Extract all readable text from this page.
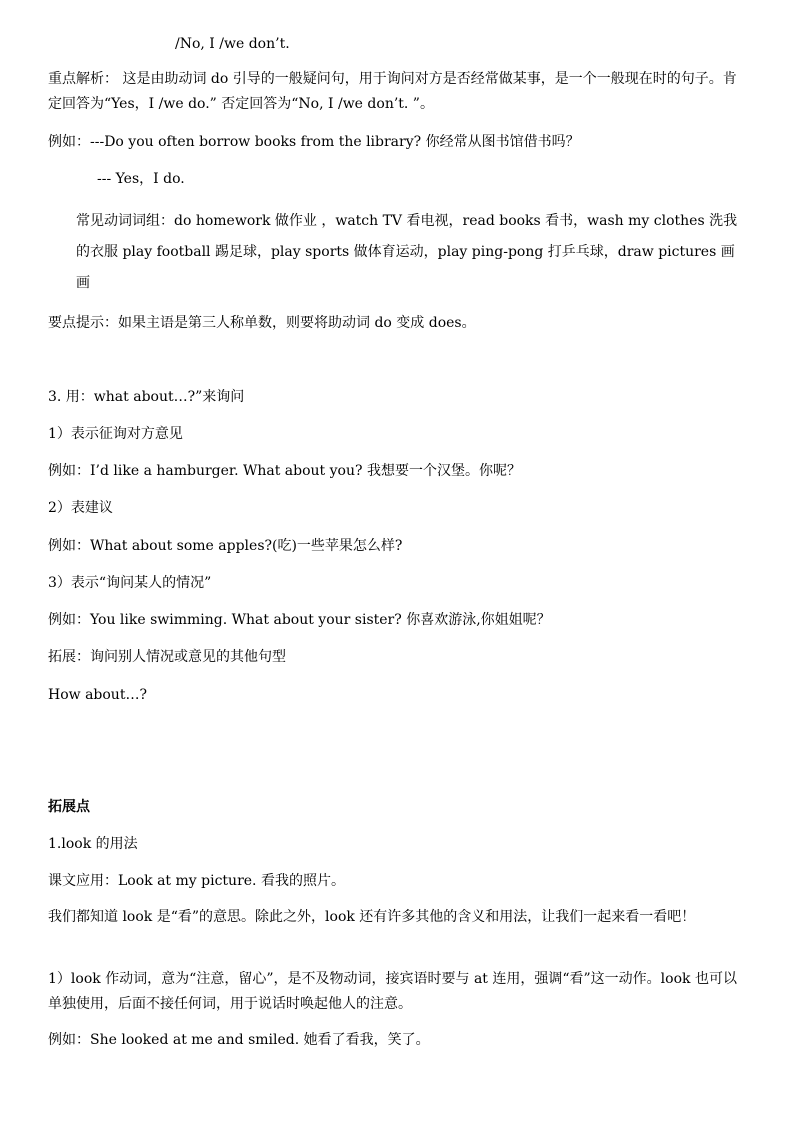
/No, I /we don’t.
重点解析： 这是由助动词 do 引导的一般疑问句，用于询问对方是否经常做某事，是一个一般现在时的句子。肯定回答为“Yes，I /we do.” 否定回答为“No, I /we don’t. ”。
例如：---Do you often borrow books from the library? 你经常从图书馆借书吗？
--- Yes，I do.
常见动词词组：do homework 做作业 ，watch TV 看电视，read books 看书，wash my clothes 洗我的衣服 play football 踢足球，play sports 做体育运动，play ping-pong 打乒乓球，draw pictures 画画
要点提示：如果主语是第三人称单数，则要将助动词 do 变成 does。
3. 用：what about…?”来询问
1）表示征询对方意见
例如：I’d like a hamburger. What about you? 我想要一个汉堡。你呢？
2）表建议
例如：What about some apples?(吃)一些苹果怎么样?
3）表示“询问某人的情况”
例如：You like swimming. What about your sister? 你喜欢游泳,你姐姐呢？
拓展：询问别人情况或意见的其他句型
How about…?
拓展点
1.look 的用法
课文应用：Look at my picture. 看我的照片。
我们都知道 look 是“看”的意思。除此之外，look 还有许多其他的含义和用法，让我们一起来看一看吧！
1）look 作动词，意为“注意，留心”，是不及物动词，接宾语时要与 at 连用，强调“看”这一动作。look 也可以单独使用，后面不接任何词，用于说话时唤起他人的注意。
例如：She looked at me and smiled. 她看了看我，笑了。
